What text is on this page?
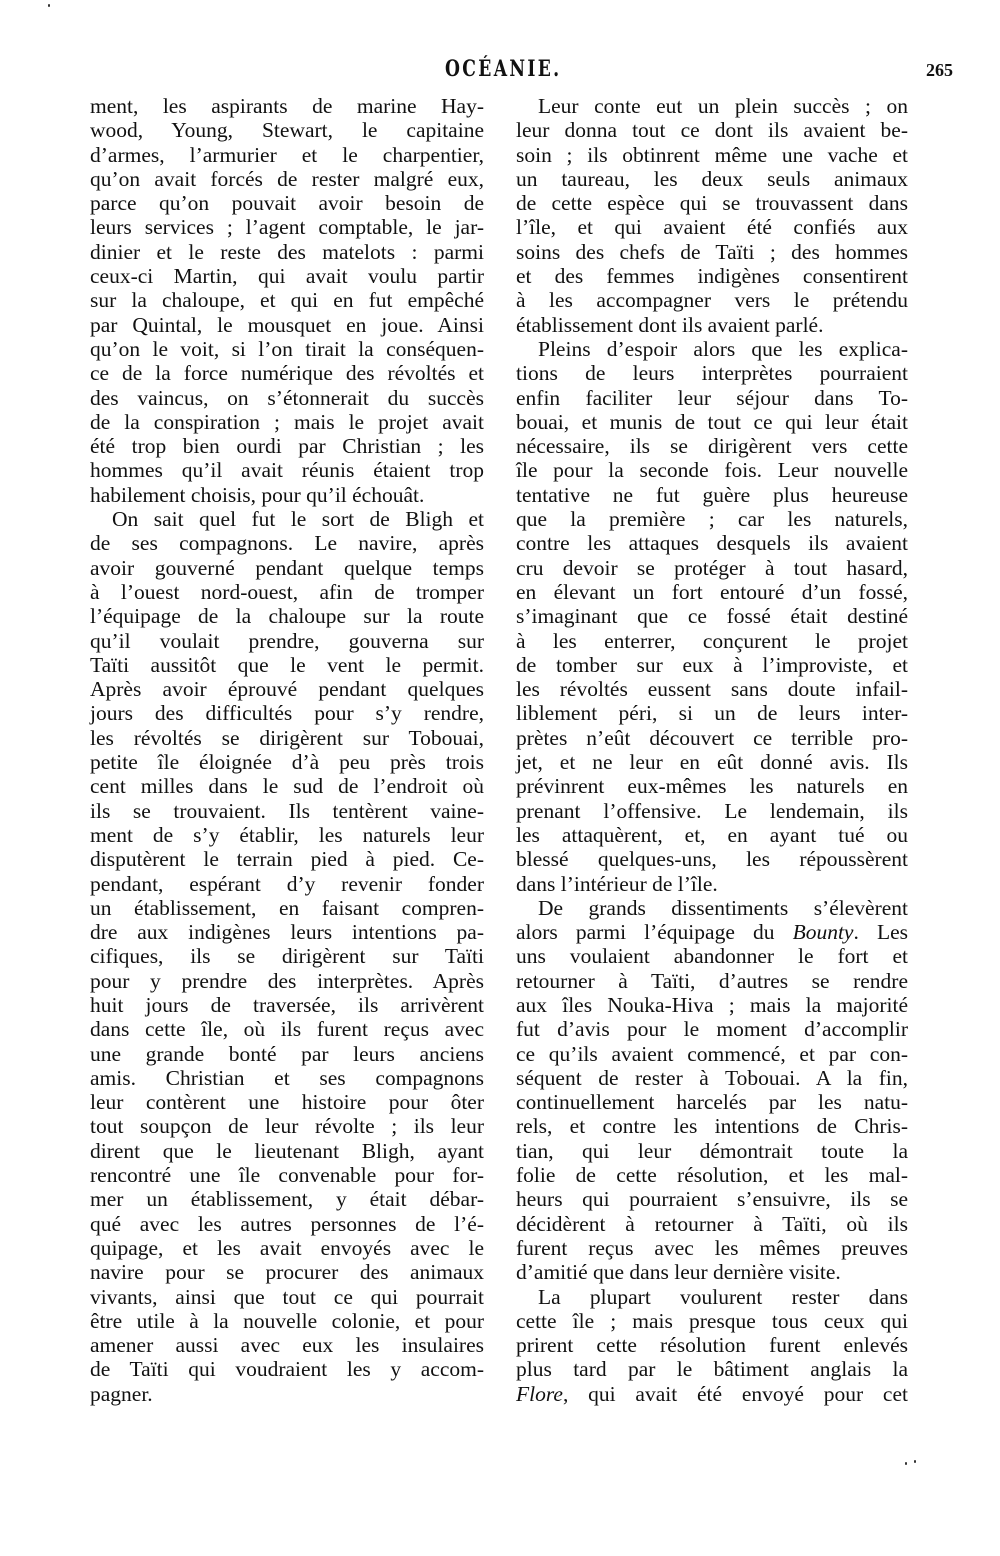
OCÉANIE.	265
ment, les aspirants de marine Hay-
wood, Young, Stewart, le capitaine
d’armes, l’armurier et le charpentier,
qu’on avait forcés de rester malgré eux,
parce qu’on pouvait avoir besoin de
leurs services ; l’agent comptable, le jar-
dinier et le reste des matelots : parmi
ceux-ci Martin, qui avait voulu partir
sur la chaloupe, et qui en fut empêché
par Quintal, le mousquet en joue. Ainsi
qu’on le voit, si l’on tirait la conséquen-
ce de la force numérique des révoltés et
des vaincus, on s’étonnerait du succès
de la conspiration ; mais le projet avait
été trop bien ourdi par Christian ; les
hommes qu’il avait réunis étaient trop
habilement choisis, pour qu’il échouât.
On sait quel fut le sort de Bligh et
de ses compagnons. Le navire, après
avoir gouverné pendant quelque temps
à l’ouest nord-ouest, afin de tromper
l’équipage de la chaloupe sur la route
qu’il voulait prendre, gouverna sur
Taïti aussitôt que le vent le permit.
Après avoir éprouvé pendant quelques
jours des difficultés pour s’y rendre,
les révoltés se dirigèrent sur Tobouai,
petite île éloignée d’à peu près trois
cent milles dans le sud de l’endroit où
ils se trouvaient. Ils tentèrent vaine-
ment de s’y établir, les naturels leur
disputèrent le terrain pied à pied. Ce-
pendant, espérant d’y revenir fonder
un établissement, en faisant compren-
dre aux indigènes leurs intentions pa-
cifiques, ils se dirigèrent sur Taïti
pour y prendre des interprètes. Après
huit jours de traversée, ils arrivèrent
dans cette île, où ils furent reçus avec
une grande bonté par leurs anciens
amis. Christian et ses compagnons
leur contèrent une histoire pour ôter
tout soupçon de leur révolte ; ils leur
dirent que le lieutenant Bligh, ayant
rencontré une île convenable pour for-
mer un établissement, y était débar-
qué avec les autres personnes de l’é-
quipage, et les avait envoyés avec le
navire pour se procurer des animaux
vivants, ainsi que tout ce qui pourrait
être utile à la nouvelle colonie, et pour
amener aussi avec eux les insulaires
de Taïti qui voudraient les y accom-
pagner.
Leur conte eut un plein succès ; on
leur donna tout ce dont ils avaient be-
soin ; ils obtinrent même une vache et
un taureau, les deux seuls animaux
de cette espèce qui se trouvassent dans
l’île, et qui avaient été confiés aux
soins des chefs de Taïti ; des hommes
et des femmes indigènes consentirent
à les accompagner vers le prétendu
établissement dont ils avaient parlé.
Pleins d’espoir alors que les explica-
tions de leurs interprètes pourraient
enfin faciliter leur séjour dans To-
bouai, et munis de tout ce qui leur était
nécessaire, ils se dirigèrent vers cette
île pour la seconde fois. Leur nouvelle
tentative ne fut guère plus heureuse
que la première ; car les naturels,
contre les attaques desquels ils avaient
cru devoir se protéger à tout hasard,
en élevant un fort entouré d’un fossé,
s’imaginant que ce fossé était destiné
à les enterrer, conçurent le projet
de tomber sur eux à l’improviste, et
les révoltés eussent sans doute infail-
liblement péri, si un de leurs inter-
prètes n’eût découvert ce terrible pro-
jet, et ne leur en eût donné avis. Ils
prévinrent eux-mêmes les naturels en
prenant l’offensive. Le lendemain, ils
les attaquèrent, et, en ayant tué ou
blessé quelques-uns, les répoussèrent
dans l’intérieur de l’île.
De grands dissentiments s’élevèrent
alors parmi l’équipage du Bounty. Les
uns voulaient abandonner le fort et
retourner à Taïti, d’autres se rendre
aux îles Nouka-Hiva ; mais la majorité
fut d’avis pour le moment d’accomplir
ce qu’ils avaient commencé, et par con-
séquent de rester à Tobouai. A la fin,
continuellement harcelés par les natu-
rels, et contre les intentions de Chris-
tian, qui leur démontrait toute la
folie de cette résolution, et les mal-
heurs qui pourraient s’ensuivre, ils se
décidèrent à retourner à Taïti, où ils
furent reçus avec les mêmes preuves
d’amitié que dans leur dernière visite.
La plupart voulurent rester dans
cette île ; mais presque tous ceux qui
prirent cette résolution furent enlevés
plus tard par le bâtiment anglais la
Flore, qui avait été envoyé pour cet
